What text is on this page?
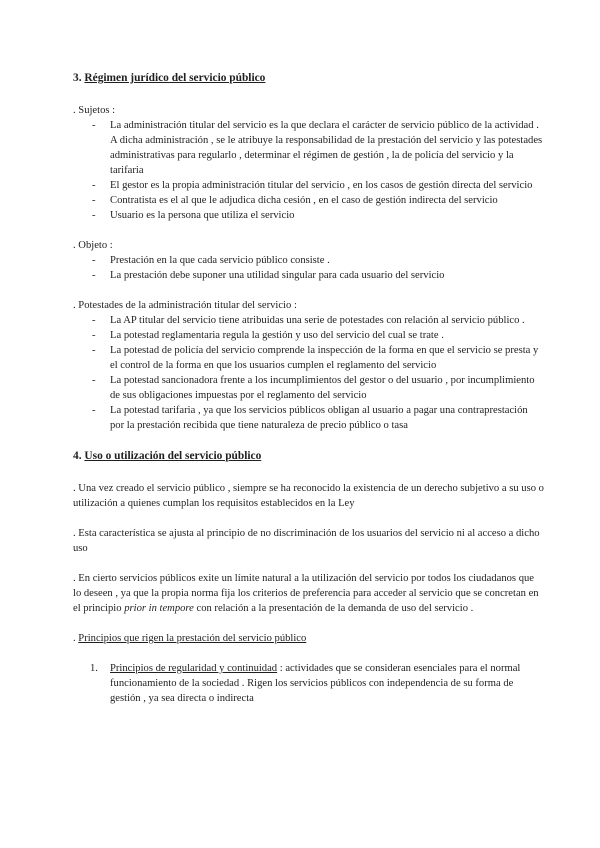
3. Régimen jurídico del servicio público

. Sujetos :

- La administración titular del servicio es la que declara el carácter de servicio público de la actividad . A dicha administración , se le atribuye la responsabilidad de la prestación del servicio y las potestades administrativas para regularlo , determinar el régimen de gestión , la de policía del servicio y la tarifaria
- El gestor es la propia administración titular del servicio , en los casos de gestión directa del servicio
- Contratista es el al que le adjudica dicha cesión , en el caso de gestión indirecta del servicio
- Usuario es la persona que utiliza el servicio

. Objeto :

- Prestación en la que cada servicio público consiste .
- La prestación debe suponer una utilidad singular para cada usuario del servicio

. Potestades de la administración titular del servicio :

- La AP titular del servicio tiene atribuidas una serie de potestades con relación al servicio público .
- La potestad reglamentaria regula la gestión y uso del servicio del cual se trate .
- La potestad de policía del servicio comprende la inspección de la forma en que el servicio se presta y el control de la forma en que los usuarios cumplen el reglamento del servicio
- La potestad sancionadora frente a los incumplimientos del gestor o del usuario , por incumplimiento de sus obligaciones impuestas por el reglamento del servicio
- La potestad tarifaria , ya que los servicios públicos obligan al usuario a pagar una contraprestación por la prestación recibida que tiene naturaleza de precio público o tasa

4. Uso o utilización del servicio público

. Una vez creado el servicio público , siempre se ha reconocido la existencia de un derecho subjetivo a su uso o utilización a quienes cumplan los requisitos establecidos en la Ley

. Esta característica se ajusta al principio de no discriminación de los usuarios del servicio ni al acceso a dicho uso

. En cierto servicios públicos exite un límite natural a la utilización del servicio por todos los ciudadanos que lo deseen , ya que la propia norma fija los criterios de preferencia para acceder al servicio que se concretan en el principio prior in tempore con relación a la presentación de la demanda de uso del servicio .

. Principios que rigen la prestación del servicio público

1. Principios de regularidad y continuidad : actividades que se consideran esenciales para el normal funcionamiento de la sociedad . Rigen los servicios públicos con independencia de su forma de gestión , ya sea directa o indirecta
